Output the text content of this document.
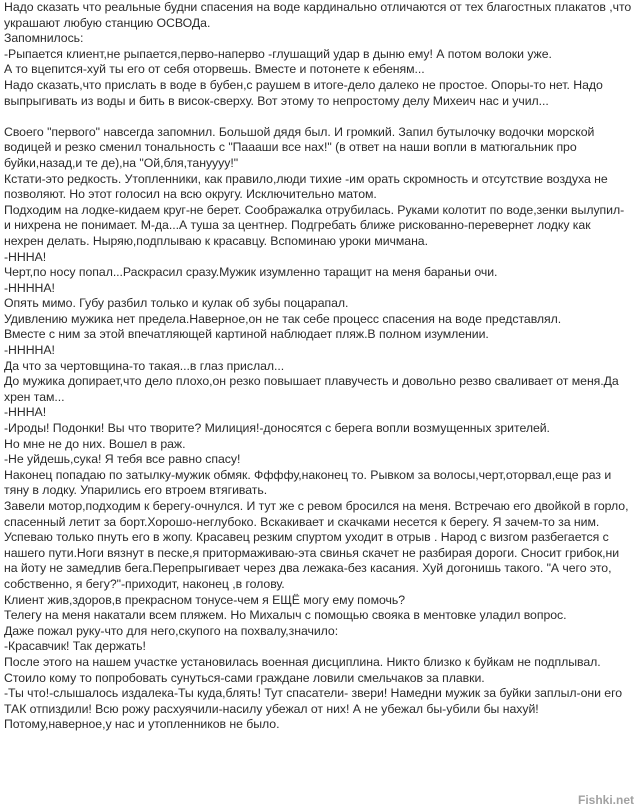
Надо сказать что реальные будни спасения на воде кардинально отличаются от тех благостных плакатов ,что
украшают любую станцию ОСВОДа.
Запомнилось:
-Рыпается клиент,не рыпается,перво-наперво -глушащий удар в дыню ему! А потом волоки уже.
А то вцепится-хуй ты его от себя оторвешь. Вместе и потонете к ебеням...
Надо сказать,что прислать в воде в бубен,с раушем в итоге-дело далеко не простое. Опоры-то нет. Надо
выпрыгивать из воды и бить в висок-сверху. Вот этому то непростому делу Михеич нас и учил...
Своего "первого" навсегда запомнил. Большой дядя был. И громкий. Запил бутылочку водочки морской
водицей и резко сменил тональность с "Паааши все нах!" (в ответ на наши вопли в матюгальник про
буйки,назад,и те де),на "Ой,бля,тануууу!"
Кстати-это редкость. Утопленники, как правило,люди тихие -им орать скромность и отсутствие воздуха не
позволяют. Но этот голосил на всю округу. Исключительно матом.
Подходим на лодке-кидаем круг-не берет. Соображалка отрубилась. Руками колотит по воде,зенки вылупил-
и нихрена не понимает. М-да...А туша за центнер. Подгребать ближе рискованно-перевернет лодку как
нехрен делать. Ныряю,подплываю к красавцу. Вспоминаю уроки мичмана.
-ННHA!
Черт,по носу попал...Раскрасил сразу.Мужик изумленно таращит на меня бараньи очи.
-ННННA!
Опять мимо. Губу разбил только и кулак об зубы поцарапал.
Удивлению мужика нет предела.Наверное,он не так себе процесс спасения на воде представлял.
Вместе с ним за этой впечатляющей картиной наблюдает пляж.В полном изумлении.
-ННННA!
Да что за чертовщина-то такая...в глаз прислал...
До мужика допирает,что дело плохо,он резко повышает плавучесть и довольно резво сваливает от меня.Да
хрен там...
-ННHA!
-Ироды! Подонки! Вы что творите? Милиция!-доносятся с берега вопли возмущенных зрителей.
Но мне не до них. Вошел в раж.
-Не уйдешь,сука! Я тебя все равно спасу!
Наконец попадаю по затылку-мужик обмяк. Ффффу,наконец то. Рывком за волосы,черт,оторвал,еще раз и
тяну в лодку. Упарились его втроем втягивать.
Завели мотор,подходим к берегу-очнулся. И тут же с ревом бросился на меня. Встречаю его двойкой в горло,
спасенный летит за борт.Хорошо-неглубоко. Вскакивает и скачками несется к берегу. Я зачем-то за ним.
Успеваю только пнуть его в жопу. Красавец резким спуртом уходит в отрыв . Народ с визгом разбегается с
нашего пути.Ноги вязнут в песке,я притормаживаю-эта свинья скачет не разбирая дороги. Сносит грибок,ни
на йоту не замедлив бега.Перепрыгивает через два лежака-без касания. Хуй догонишь такого. "А чего это,
собственно, я бегу?"-приходит, наконец ,в голову.
Клиент жив,здоров,в прекрасном тонусе-чем я ЕЩЁ могу ему помочь?
Телегу на меня накатали всем пляжем. Но Михалыч с помощью свояка в ментовке уладил вопрос.
Даже пожал руку-что для него,скупого на похвалу,значило:
-Красавчик! Так держать!
После этого на нашем участке установилась военная дисциплина. Никто близко к буйкам не подплывал.
Стоило кому то попробовать сунуться-сами граждане ловили смельчаков за плавки.
-Ты что!-слышалось издалека-Ты куда,блять! Тут спасатели- звери! Намедни мужик за буйки заплыл-они его
ТАК отпиздили! Всю рожу расхуячили-насилу убежал от них! А не убежал бы-убили бы нахуй!
Потому,наверное,у нас и утопленников не было.
Fishki.net
